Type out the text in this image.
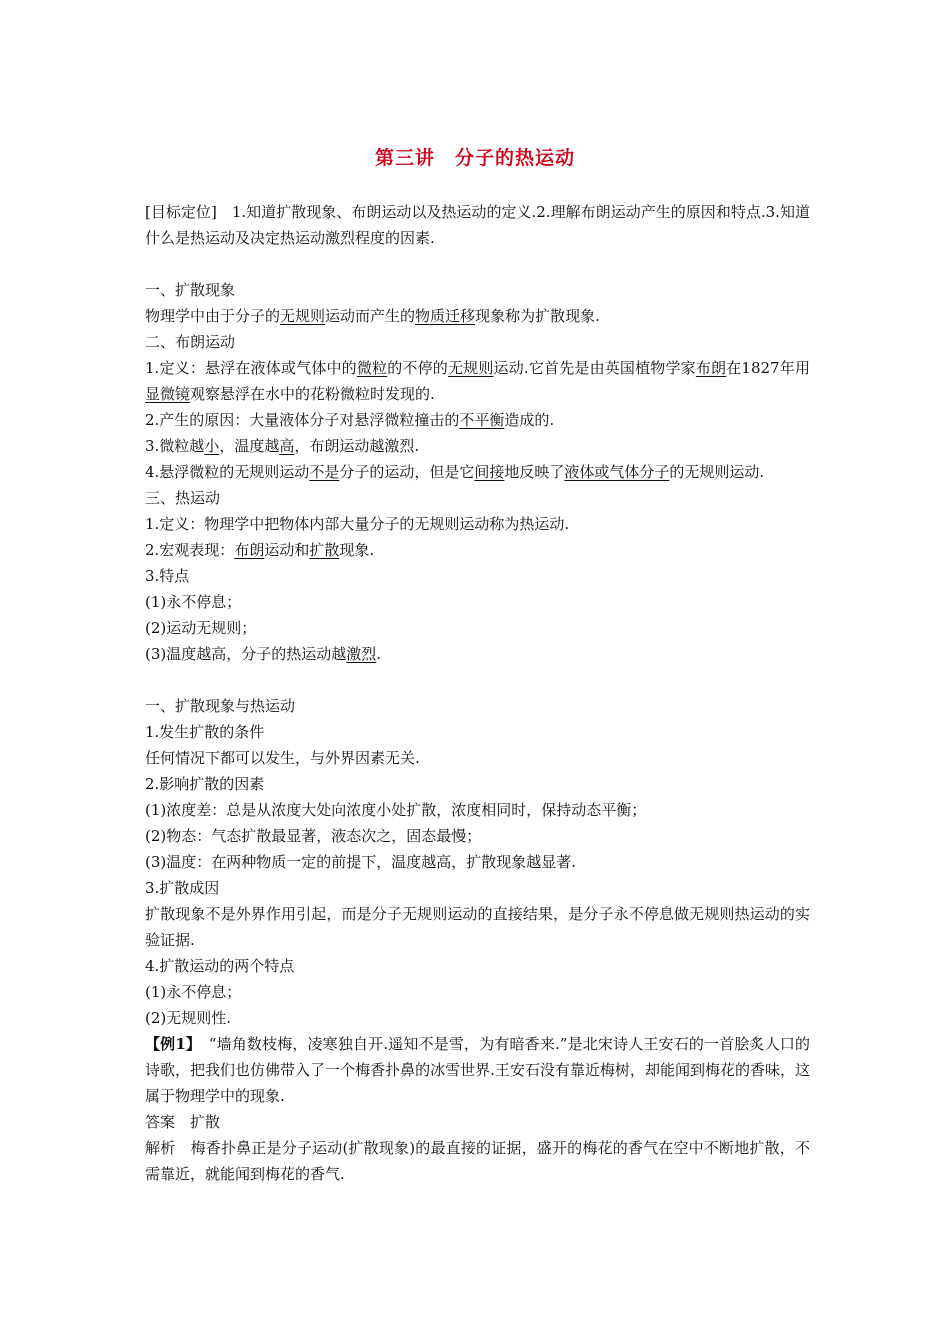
第三讲　分子的热运动

[目标定位]　1.知道扩散现象、布朗运动以及热运动的定义.2.理解布朗运动产生的原因和特点.3.知道什么是热运动及决定热运动激烈程度的因素.

一、扩散现象

物理学中由于分子的无规则运动而产生的物质迁移现象称为扩散现象.

二、布朗运动

1.定义：悬浮在液体或气体中的微粒的不停的无规则运动.它首先是由英国植物学家布朗在1827年用显微镜观察悬浮在水中的花粉微粒时发现的.

2.产生的原因：大量液体分子对悬浮微粒撞击的不平衡造成的.

3.微粒越小，温度越高，布朗运动越激烈.

4.悬浮微粒的无规则运动不是分子的运动，但是它间接地反映了液体或气体分子的无规则运动.

三、热运动

1.定义：物理学中把物体内部大量分子的无规则运动称为热运动.

2.宏观表现：布朗运动和扩散现象.

3.特点

(1)永不停息；

(2)运动无规则；

(3)温度越高，分子的热运动越激烈.

一、扩散现象与热运动

1.发生扩散的条件

任何情况下都可以发生，与外界因素无关.

2.影响扩散的因素

(1)浓度差：总是从浓度大处向浓度小处扩散，浓度相同时，保持动态平衡；

(2)物态：气态扩散最显著，液态次之，固态最慢；

(3)温度：在两种物质一定的前提下，温度越高，扩散现象越显著.

3.扩散成因

扩散现象不是外界作用引起，而是分子无规则运动的直接结果，是分子永不停息做无规则热运动的实验证据.

4.扩散运动的两个特点

(1)永不停息；

(2)无规则性.

【例1】　“墙角数枝梅，凌寒独自开.遥知不是雪，为有暗香来.”是北宋诗人王安石的一首脍炙人口的诗歌，把我们也仿佛带入了一个梅香扑鼻的冰雪世界.王安石没有靠近梅树，却能闻到梅花的香味，这属于物理学中的现象.

答案　扩散

解析　梅香扑鼻正是分子运动(扩散现象)的最直接的证据，盛开的梅花的香气在空中不断地扩散，不需靠近，就能闻到梅花的香气.
